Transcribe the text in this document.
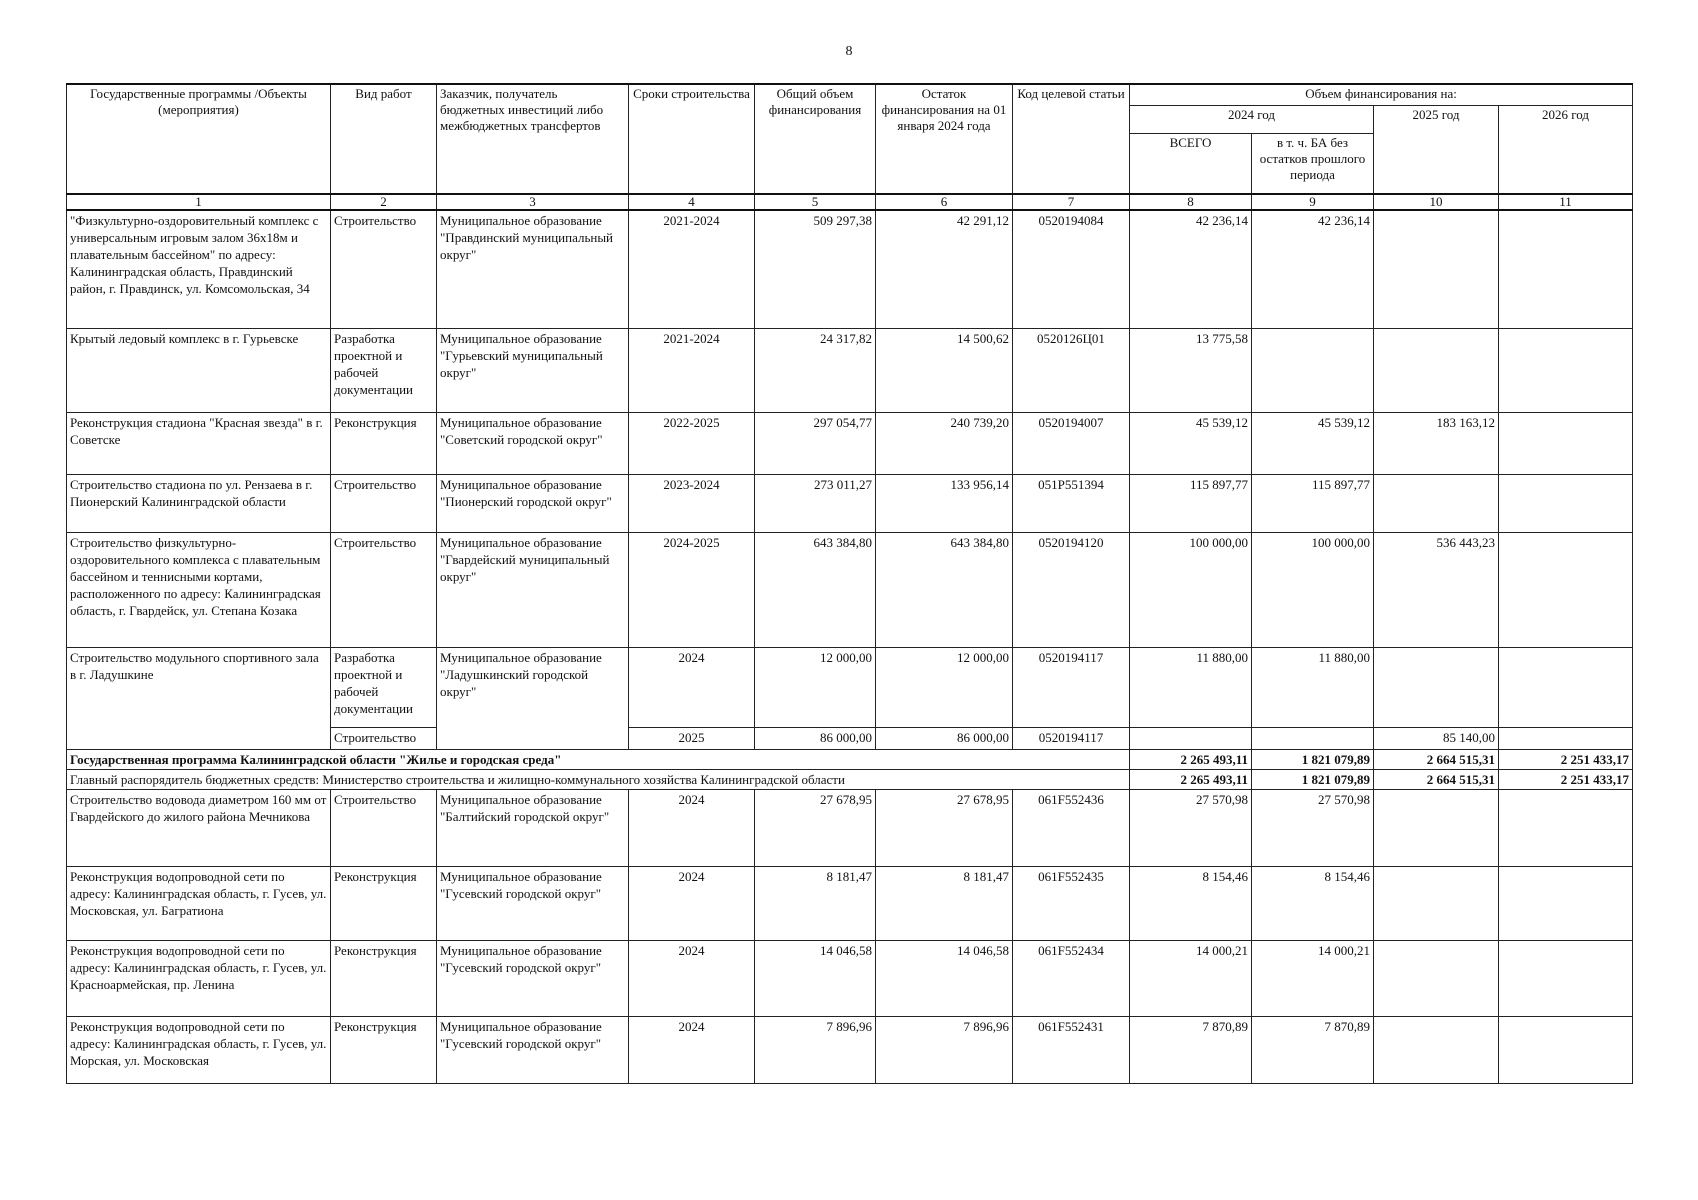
8
Государственные программы /Объекты (мероприятия)	Вид работ	Заказчик, получатель бюджетных инвестиций либо межбюджетных трансфертов	Сроки строительства	Общий объем финансирования	Остаток финансирования на 01 января 2024 года	Код целевой статьи	Объем финансирования на:			
							2024 год		2025 год	2026 год
							ВСЕГО	в т. ч. БА без остатков прошлого периода		
1	2	3	4	5	6	7	8	9	10	11
"Физкультурно-оздоровительный комплекс с универсальным игровым залом 36х18м и плавательным бассейном" по адресу: Калининградская область, Правдинский район, г. Правдинск, ул. Комсомольская, 34	Строительство	Муниципальное образование "Правдинский муниципальный округ"	2021-2024	509 297,38	42 291,12	0520194084	42 236,14	42 236,14		
Крытый ледовый комплекс в г. Гурьевске	Разработка проектной и рабочей документации	Муниципальное образование "Гурьевский муниципальный округ"	2021-2024	24 317,82	14 500,62	0520126Ц01	13 775,58			
Реконструкция стадиона "Красная звезда" в г. Советске	Реконструкция	Муниципальное образование "Советский городской округ"	2022-2025	297 054,77	240 739,20	0520194007	45 539,12	45 539,12	183 163,12	
Строительство стадиона по ул. Рензаева в г. Пионерский Калининградской области	Строительство	Муниципальное образование "Пионерский городской округ"	2023-2024	273 011,27	133 956,14	051P551394	115 897,77	115 897,77		
Строительство физкультурно-оздоровительного комплекса с плавательным бассейном и теннисными кортами, расположенного по адресу: Калининградская область, г. Гвардейск, ул. Степана Козака	Строительство	Муниципальное образование "Гвардейский муниципальный округ"	2024-2025	643 384,80	643 384,80	0520194120	100 000,00	100 000,00	536 443,23	
Строительство модульного спортивного зала в г. Ладушкине	Разработка проектной и рабочей документации	Муниципальное образование "Ладушкинский городской округ"	2024	12 000,00	12 000,00	0520194117	11 880,00	11 880,00		
	Строительство		2025	86 000,00	86 000,00	0520194117			85 140,00	
Государственная программа Калининградской области "Жилье и городская среда"							2 265 493,11	1 821 079,89	2 664 515,31	2 251 433,17
Главный распорядитель бюджетных средств: Министерство строительства и жилищно-коммунального хозяйства Калининградской области							2 265 493,11	1 821 079,89	2 664 515,31	2 251 433,17
Строительство водовода диаметром 160 мм от Гвардейского до жилого района Мечникова	Строительство	Муниципальное образование "Балтийский городской округ"	2024	27 678,95	27 678,95	061F552436	27 570,98	27 570,98		
Реконструкция водопроводной сети по адресу: Калининградская область, г. Гусев, ул. Московская, ул. Багратиона	Реконструкция	Муниципальное образование "Гусевский городской округ"	2024	8 181,47	8 181,47	061F552435	8 154,46	8 154,46		
Реконструкция водопроводной сети по адресу: Калининградская область, г. Гусев, ул. Красноармейская, пр. Ленина	Реконструкция	Муниципальное образование "Гусевский городской округ"	2024	14 046,58	14 046,58	061F552434	14 000,21	14 000,21		
Реконструкция водопроводной сети по адресу: Калининградская область, г. Гусев, ул. Морская, ул. Московская	Реконструкция	Муниципальное образование "Гусевский городской округ"	2024	7 896,96	7 896,96	061F552431	7 870,89	7 870,89		
